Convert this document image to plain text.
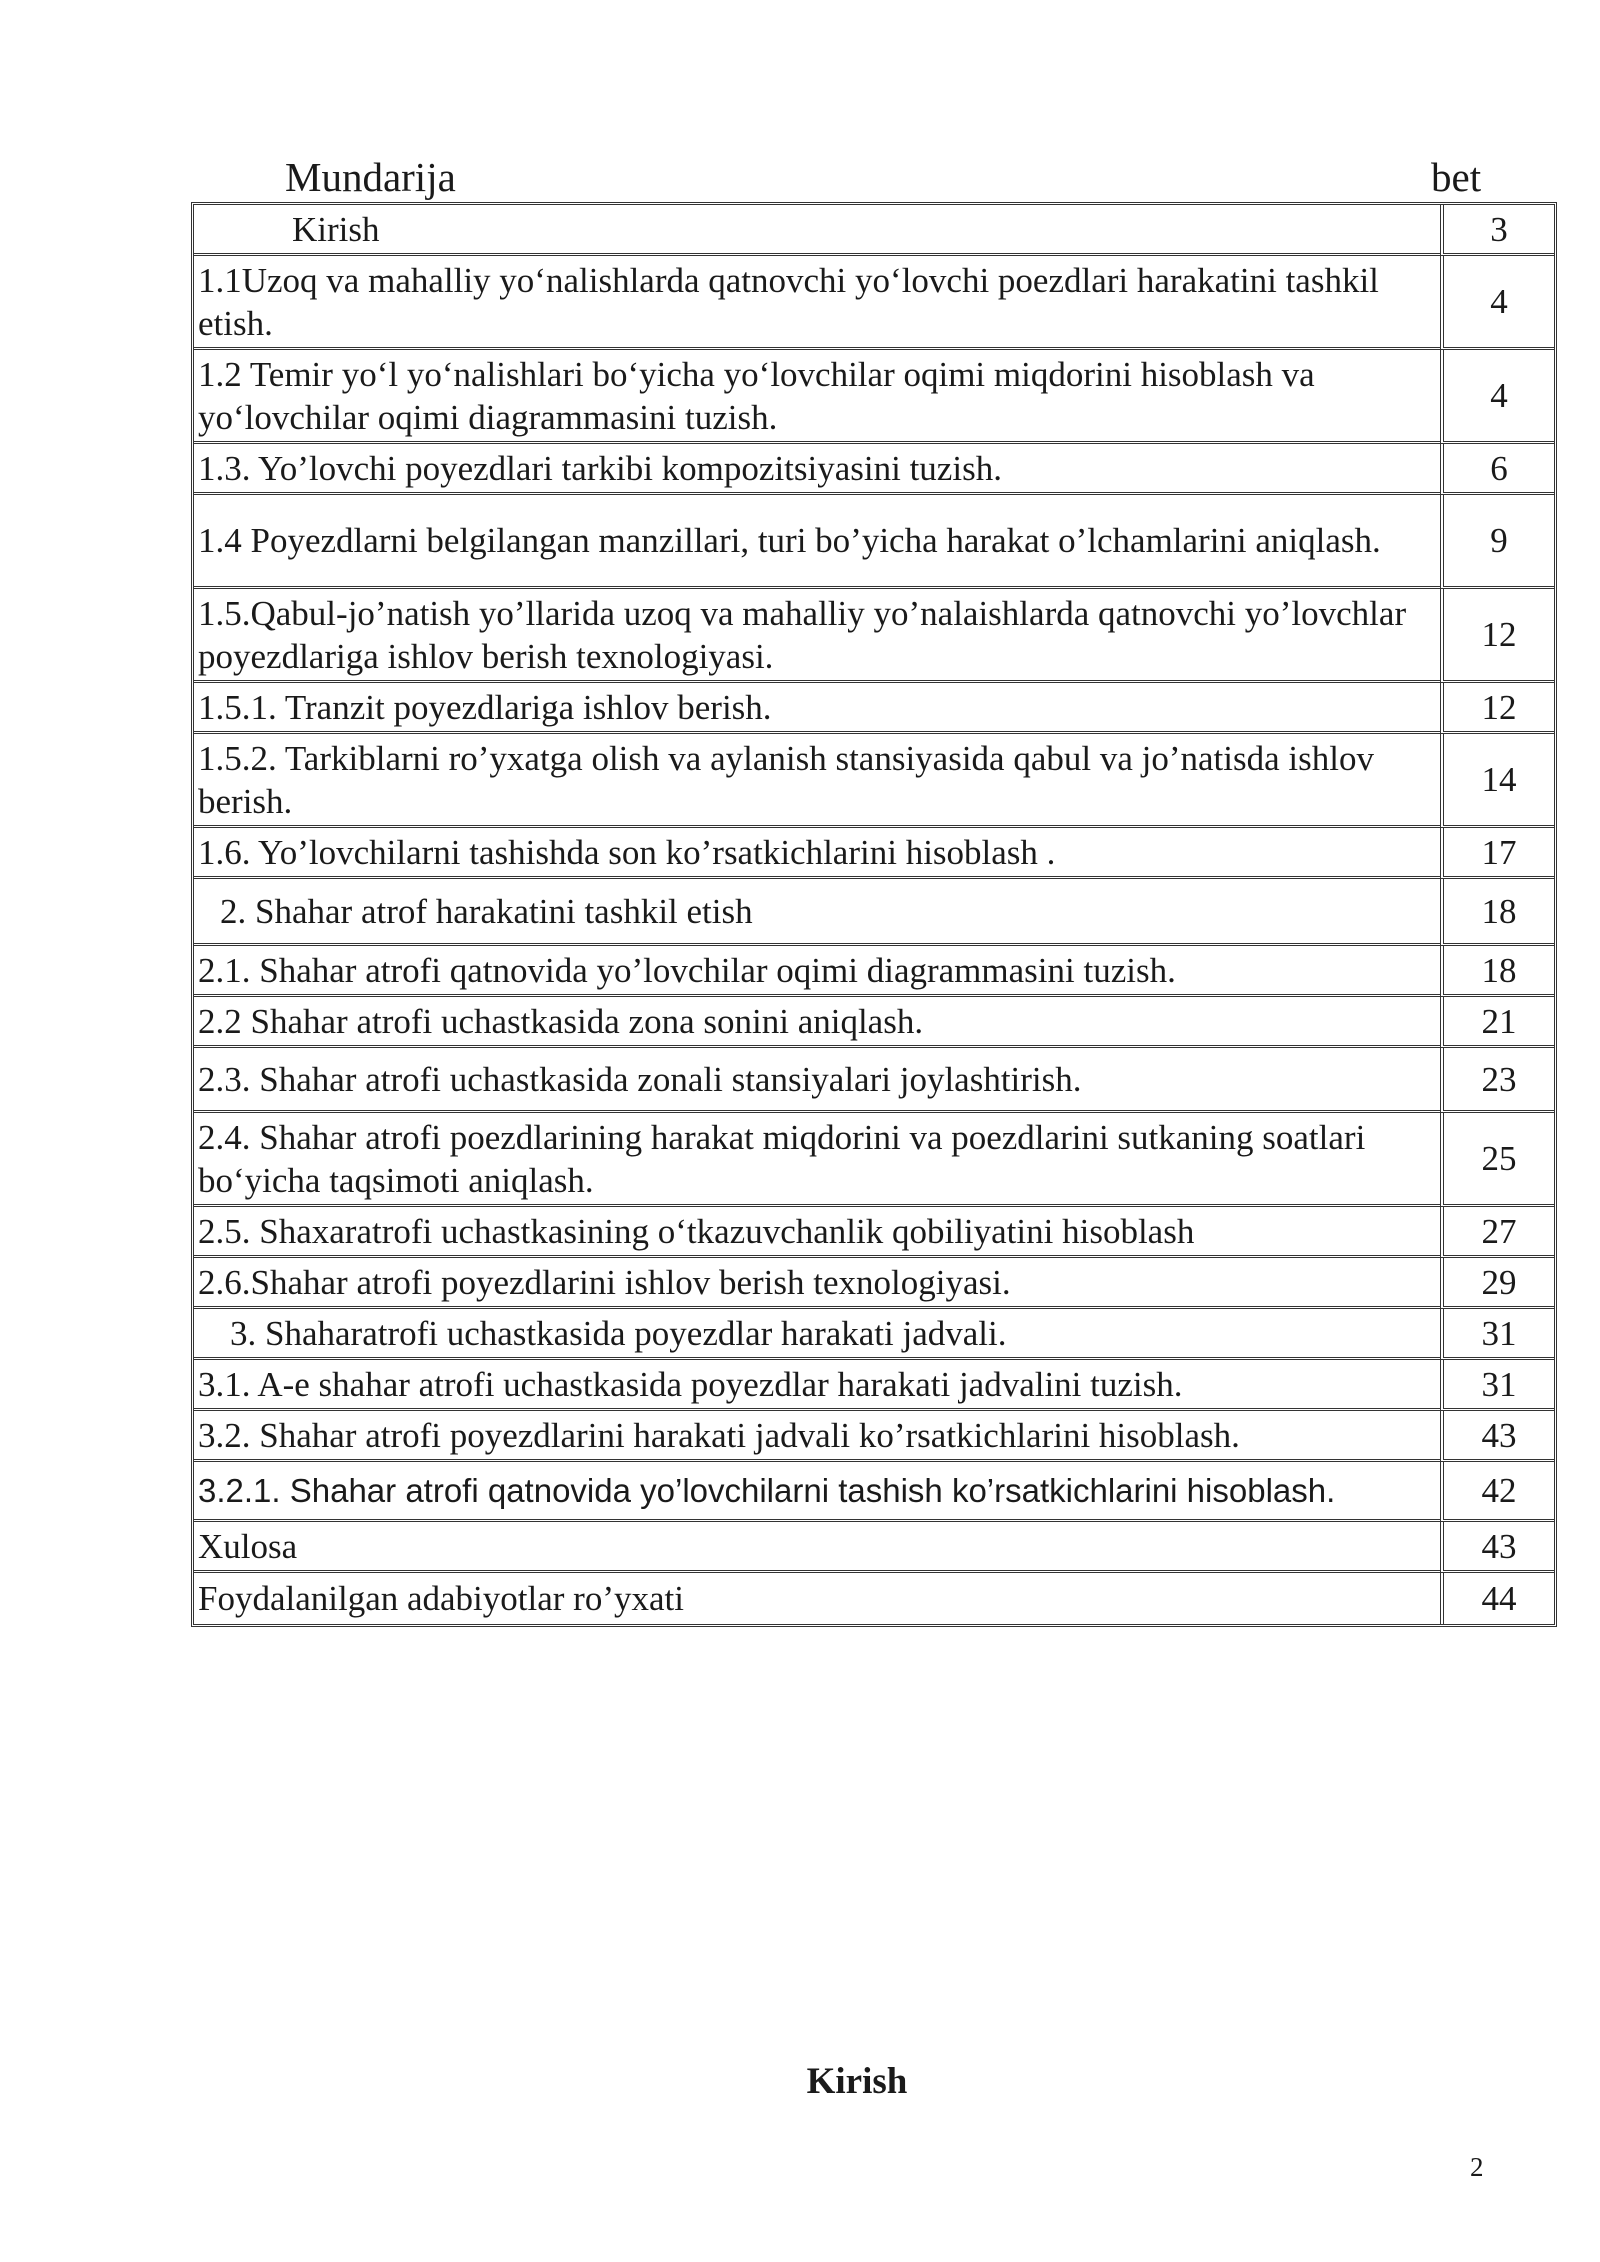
Mundarija	bet
Kirish	3
1.1Uzoq va mahalliy yo‘nalishlarda qatnovchi yo‘lovchi poezdlari harakatini tashkil etish.	4
1.2 Temir yo‘l yo‘nalishlari bo‘yicha yo‘lovchilar oqimi miqdorini hisoblash va yo‘lovchilar oqimi diagrammasini tuzish.	4
1.3. Yo’lovchi poyezdlari tarkibi kompozitsiyasini tuzish.	6
1.4 Poyezdlarni belgilangan manzillari, turi bo’yicha harakat o’lchamlarini aniqlash.	9
1.5.Qabul-jo’natish yo’llarida uzoq va mahalliy yo’nalaishlarda qatnovchi yo’lovchlar poyezdlariga ishlov berish texnologiyasi.	12
1.5.1. Tranzit poyezdlariga ishlov berish.	12
1.5.2. Tarkiblarni ro’yxatga olish va aylanish stansiyasida qabul va jo’natisda ishlov berish.	14
1.6. Yo’lovchilarni tashishda son ko’rsatkichlarini hisoblash .	17
2. Shahar atrof harakatini tashkil etish	18
2.1. Shahar atrofi qatnovida yo’lovchilar oqimi diagrammasini tuzish.	18
2.2 Shahar atrofi uchastkasida zona sonini aniqlash.	21
2.3. Shahar atrofi uchastkasida zonali stansiyalari joylashtirish.	23
2.4. Shahar atrofi poezdlarining harakat miqdorini va poezdlarini sutkaning soatlari bo‘yicha taqsimoti aniqlash.	25
2.5. Shaxaratrofi uchastkasining o‘tkazuvchanlik qobiliyatini hisoblash	27
2.6.Shahar atrofi poyezdlarini ishlov berish texnologiyasi.	29
3. Shaharatrofi uchastkasida poyezdlar harakati jadvali.	31
3.1. A-e shahar atrofi uchastkasida poyezdlar harakati jadvalini tuzish.	31
3.2. Shahar atrofi poyezdlarini harakati jadvali ko’rsatkichlarini hisoblash.	43
3.2.1. Shahar atrofi qatnovida yo’lovchilarni tashish ko’rsatkichlarini hisoblash.	42
Xulosa	43
Foydalanilgan adabiyotlar ro’yxati	44
Kirish
2
